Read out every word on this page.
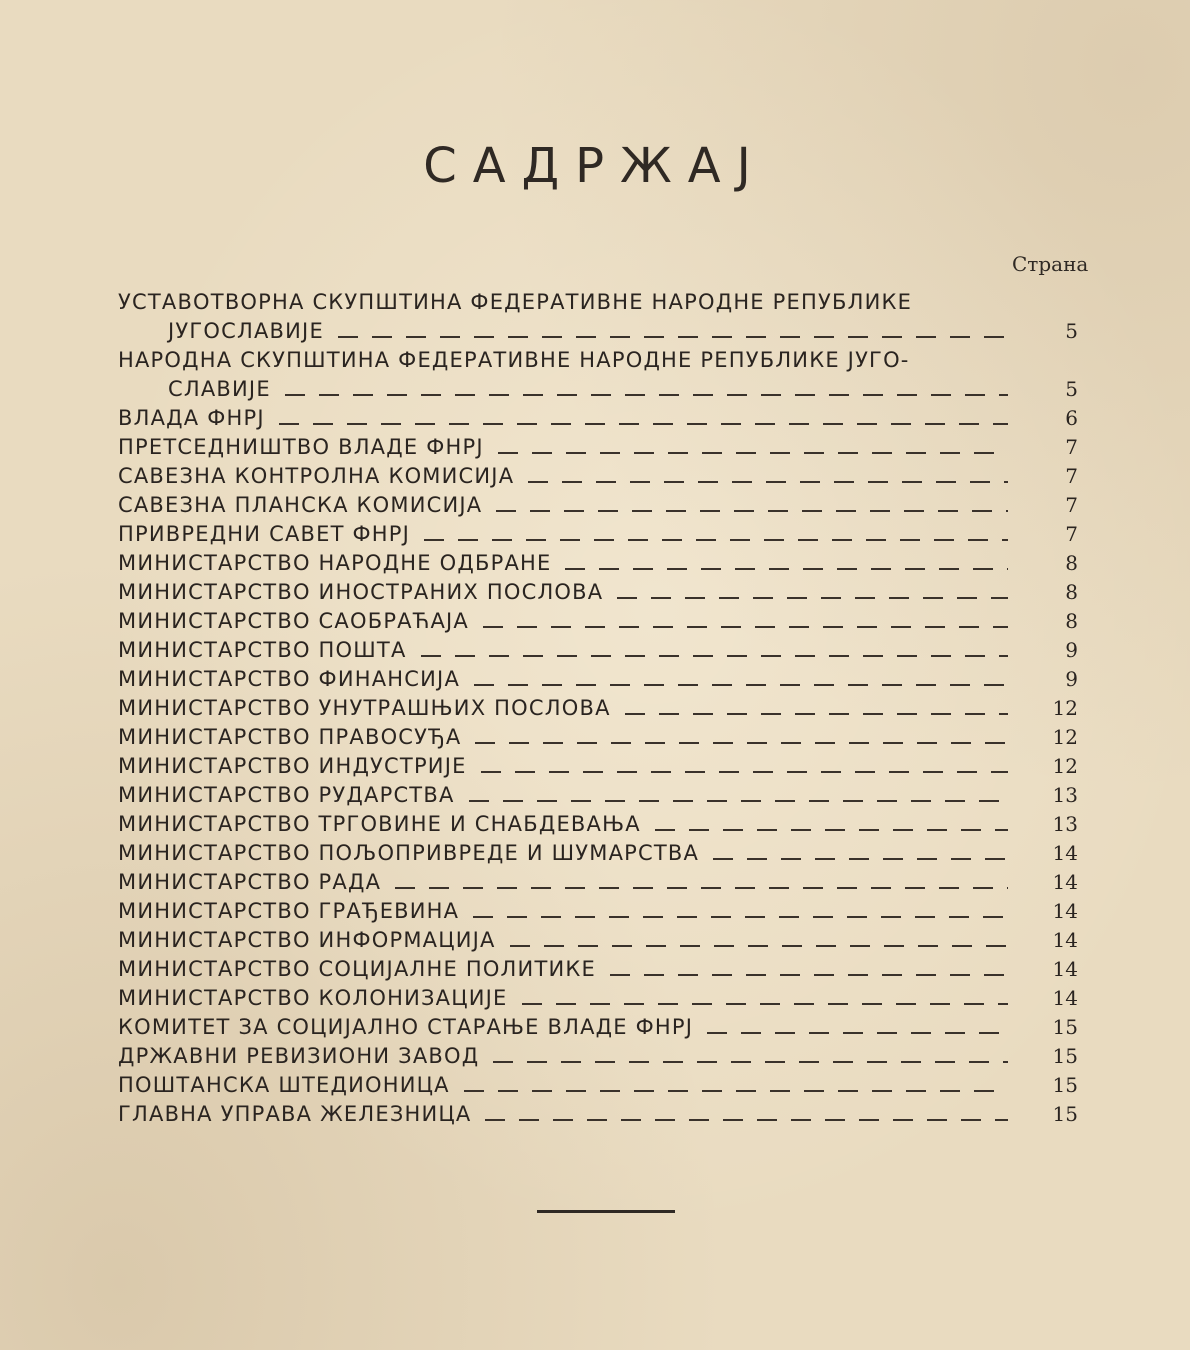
САДРЖАЈ
Страна
УСТАВОТВОРНА СКУПШТИНА ФЕДЕРАТИВНЕ НАРОДНЕ РЕПУБЛИКЕ
ЈУГОСЛАВИЈЕ	5
НАРОДНА СКУПШТИНА ФЕДЕРАТИВНЕ НАРОДНЕ РЕПУБЛИКЕ ЈУГО-
СЛАВИЈЕ	5
ВЛАДА ФНРЈ	6
ПРЕТСЕДНИШТВО ВЛАДЕ ФНРЈ	7
САВЕЗНА КОНТРОЛНА КОМИСИЈА	7
САВЕЗНА ПЛАНСКА КОМИСИЈА	7
ПРИВРЕДНИ САВЕТ ФНРЈ	7
МИНИСТАРСТВО НАРОДНЕ ОДБРАНЕ	8
МИНИСТАРСТВО ИНОСТРАНИХ ПОСЛОВА	8
МИНИСТАРСТВО САОБРАЋАЈА	8
МИНИСТАРСТВО ПОШТА	9
МИНИСТАРСТВО ФИНАНСИЈА	9
МИНИСТАРСТВО УНУТРАШЊИХ ПОСЛОВА	12
МИНИСТАРСТВО ПРАВОСУЂА	12
МИНИСТАРСТВО ИНДУСТРИЈЕ	12
МИНИСТАРСТВО РУДАРСТВА	13
МИНИСТАРСТВО ТРГОВИНЕ И СНАБДЕВАЊА	13
МИНИСТАРСТВО ПОЉОПРИВРЕДЕ И ШУМАРСТВА	14
МИНИСТАРСТВО РАДА	14
МИНИСТАРСТВО ГРАЂЕВИНА	14
МИНИСТАРСТВО ИНФОРМАЦИЈА	14
МИНИСТАРСТВО СОЦИЈАЛНЕ ПОЛИТИКЕ	14
МИНИСТАРСТВО КОЛОНИЗАЦИЈЕ	14
КОМИТЕТ ЗА СОЦИЈАЛНО СТАРАЊЕ ВЛАДЕ ФНРЈ	15
ДРЖАВНИ РЕВИЗИОНИ ЗАВОД	15
ПОШТАНСКА ШТЕДИОНИЦА	15
ГЛАВНА УПРАВА ЖЕЛЕЗНИЦА	15
